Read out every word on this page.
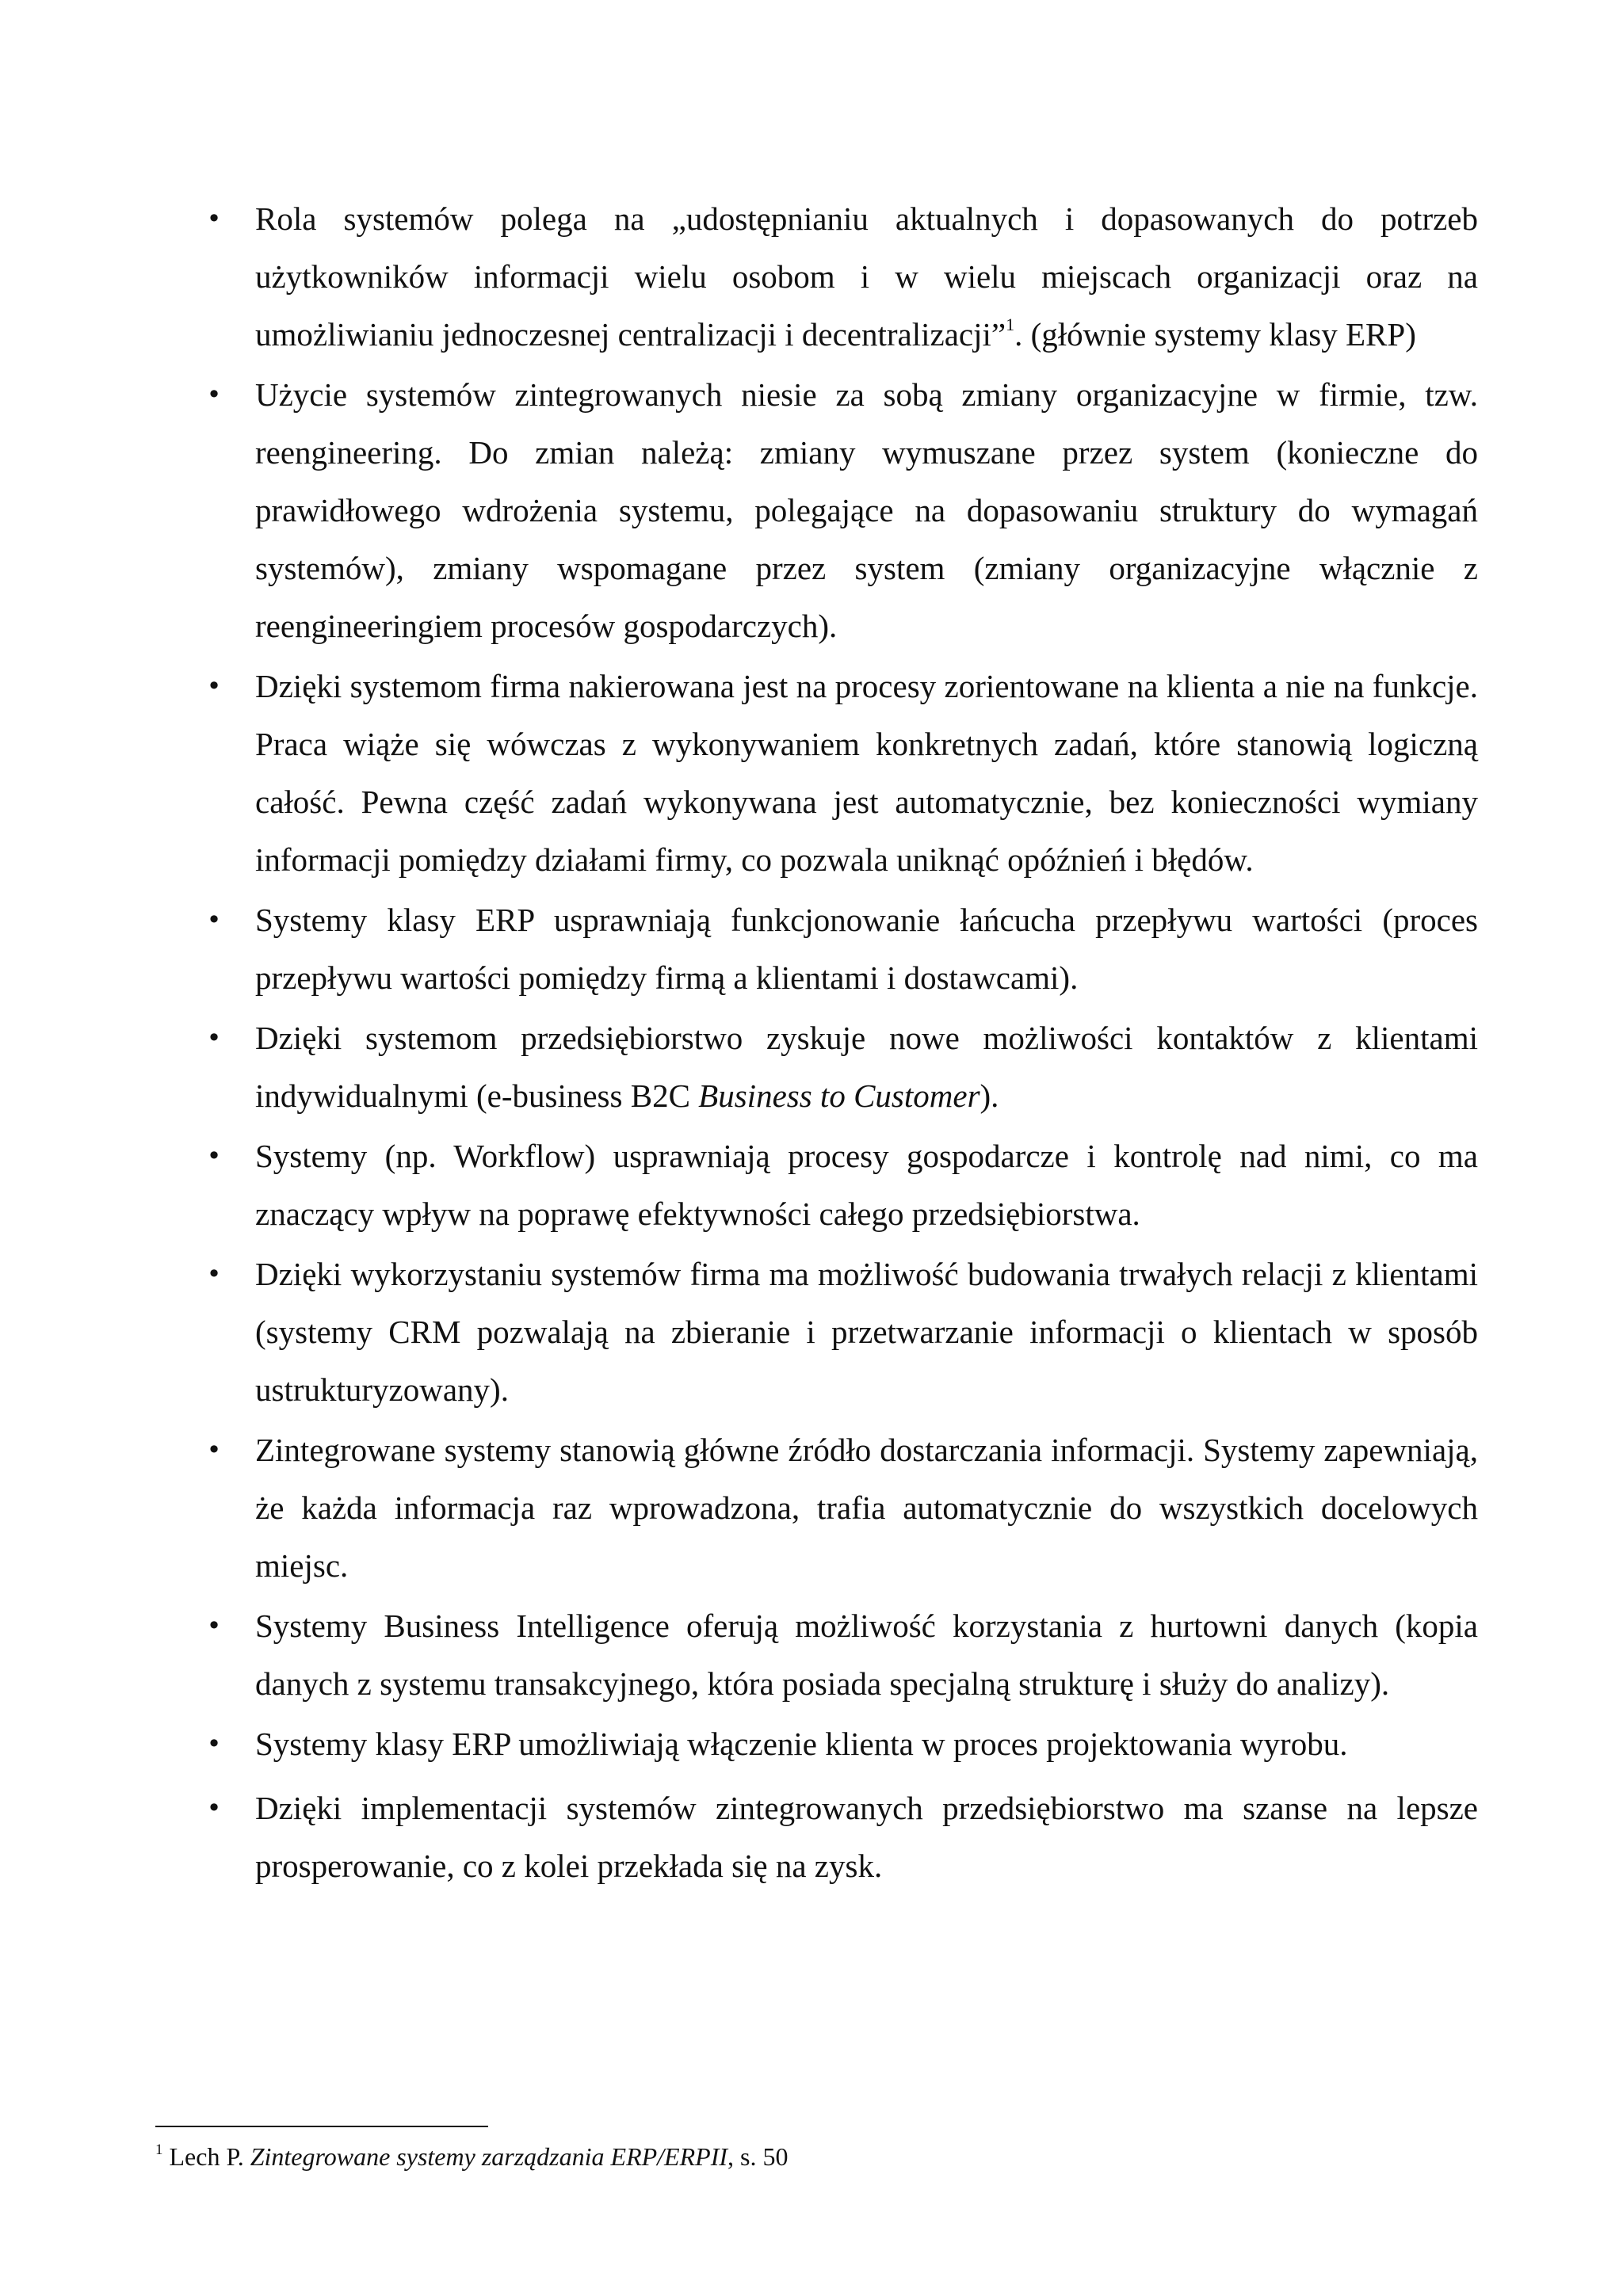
• Rola systemów polega na „udostępnianiu aktualnych i dopasowanych do potrzeb użytkowników informacji wielu osobom i w wielu miejscach organizacji oraz na umożliwianiu jednoczesnej centralizacji i decentralizacji”$^1$. (głównie systemy klasy ERP)
• Użycie systemów zintegrowanych niesie za sobą zmiany organizacyjne w firmie, tzw. reengineering. Do zmian należą: zmiany wymuszane przez system (konieczne do prawidłowego wdrożenia systemu, polegające na dopasowaniu struktury do wymagań systemów), zmiany wspomagane przez system (zmiany organizacyjne włącznie z reengineeringiem procesów gospodarczych).
• Dzięki systemom firma nakierowana jest na procesy zorientowane na klienta a nie na funkcje. Praca wiąże się wówczas z wykonywaniem konkretnych zadań, które stanowią logiczną całość. Pewna część zadań wykonywana jest automatycznie, bez konieczności wymiany informacji pomiędzy działami firmy, co pozwala uniknąć opóźnień i błędów.
• Systemy klasy ERP usprawniają funkcjonowanie łańcucha przepływu wartości (proces przepływu wartości pomiędzy firmą a klientami i dostawcami).
• Dzięki systemom przedsiębiorstwo zyskuje nowe możliwości kontaktów z klientami indywidualnymi (e-business B2C Business to Customer).
• Systemy (np. Workflow) usprawniają procesy gospodarcze i kontrolę nad nimi, co ma znaczący wpływ na poprawę efektywności całego przedsiębiorstwa.
• Dzięki wykorzystaniu systemów firma ma możliwość budowania trwałych relacji z klientami (systemy CRM pozwalają na zbieranie i przetwarzanie informacji o klientach w sposób ustrukturyzowany).
• Zintegrowane systemy stanowią główne źródło dostarczania informacji. Systemy zapewniają, że każda informacja raz wprowadzona, trafia automatycznie do wszystkich docelowych miejsc.
• Systemy Business Intelligence oferują możliwość korzystania z hurtowni danych (kopia danych z systemu transakcyjnego, która posiada specjalną strukturę i służy do analizy).
• Systemy klasy ERP umożliwiają włączenie klienta w proces projektowania wyrobu.
• Dzięki implementacji systemów zintegrowanych przedsiębiorstwo ma szanse na lepsze prosperowanie, co z kolei przekłada się na zysk.
$^1$ Lech P. Zintegrowane systemy zarządzania ERP/ERPII, s. 50
